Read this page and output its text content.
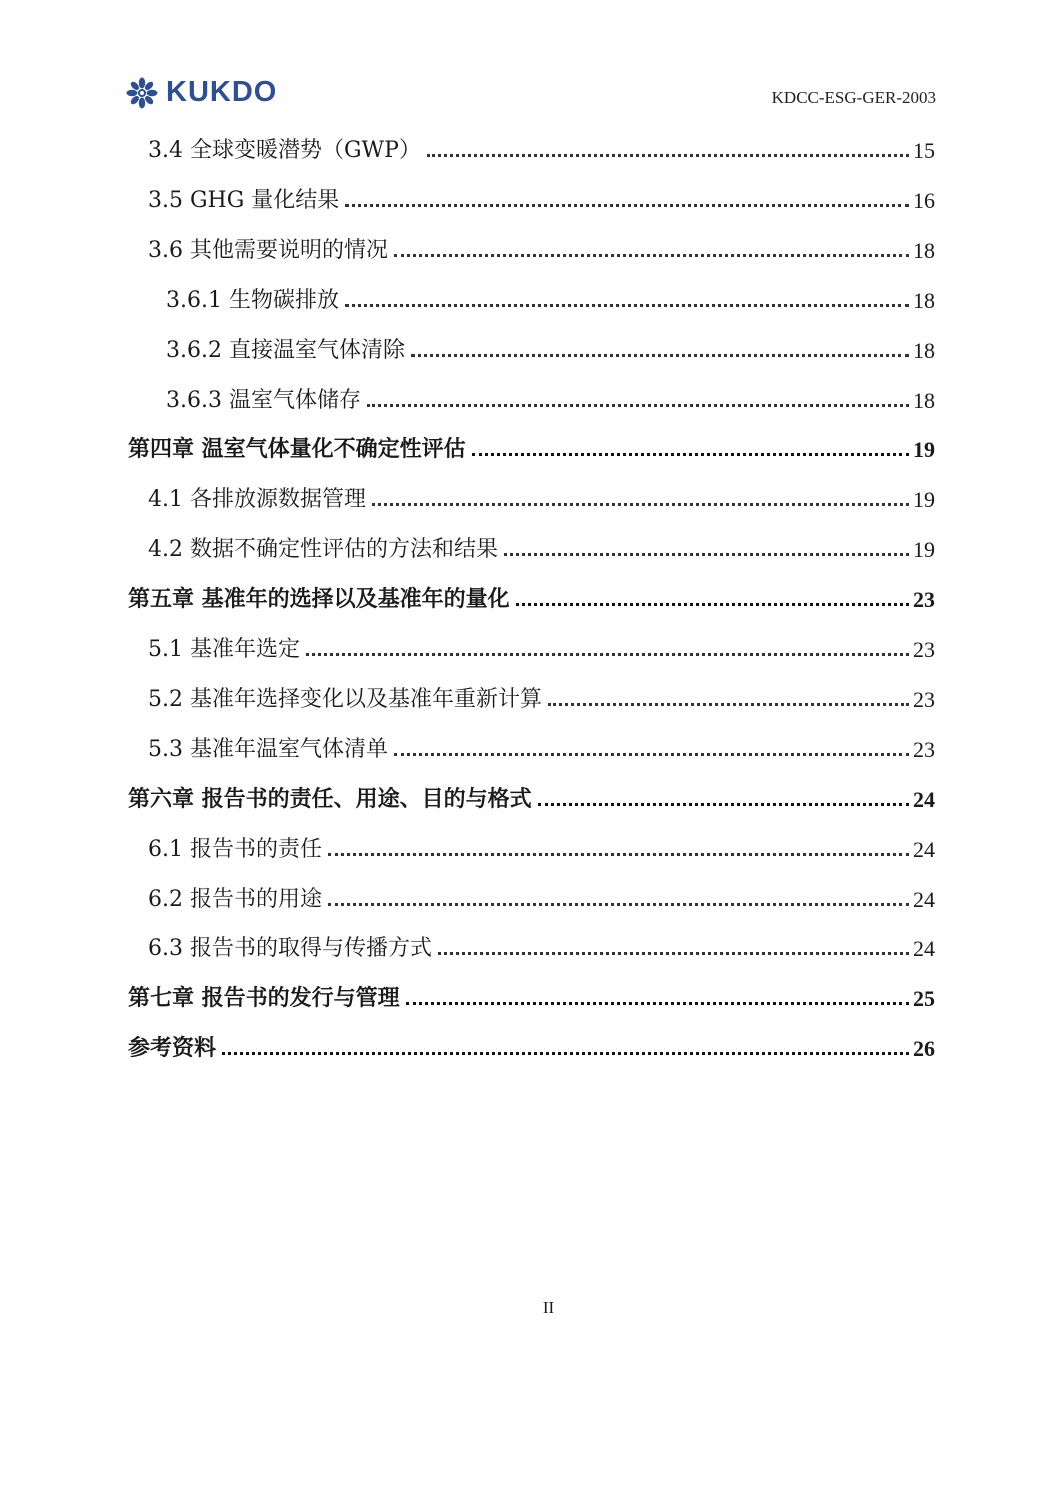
KUKDO	KDCC-ESG-GER-2003
3.4 全球变暖潜势（GWP）	15
3.5 GHG 量化结果	16
3.6 其他需要说明的情况	18
3.6.1 生物碳排放	18
3.6.2 直接温室气体清除	18
3.6.3 温室气体储存	18
第四章 温室气体量化不确定性评估	19
4.1 各排放源数据管理	19
4.2 数据不确定性评估的方法和结果	19
第五章 基准年的选择以及基准年的量化	23
5.1 基准年选定	23
5.2 基准年选择变化以及基准年重新计算	23
5.3 基准年温室气体清单	23
第六章 报告书的责任、用途、目的与格式	24
6.1 报告书的责任	24
6.2 报告书的用途	24
6.3 报告书的取得与传播方式	24
第七章 报告书的发行与管理	25
参考资料	26
II
